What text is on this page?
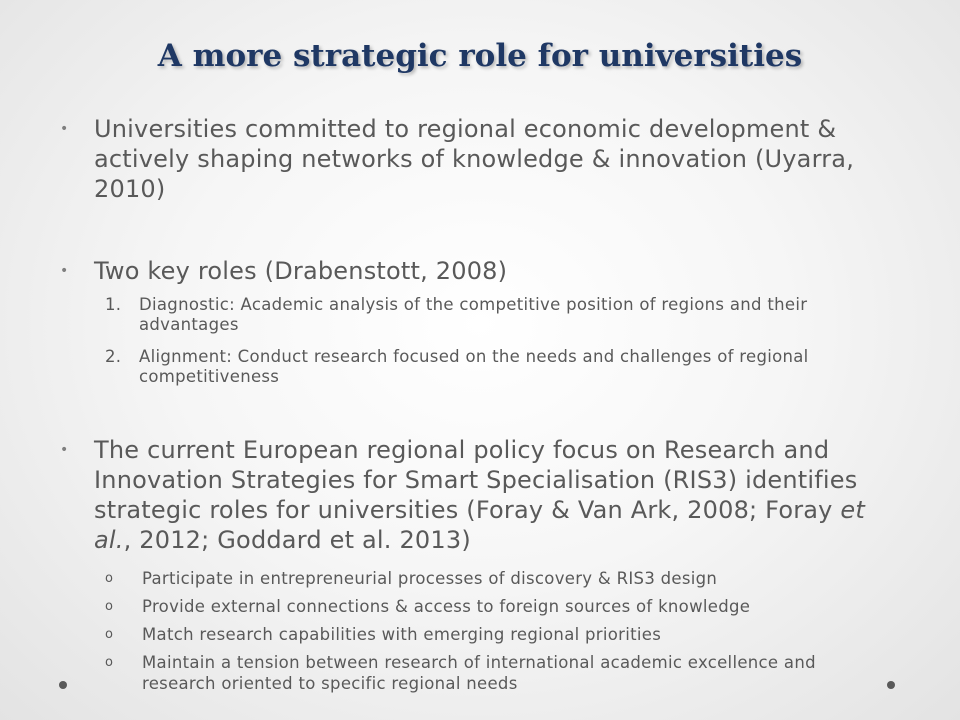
A more strategic role for universities
• Universities committed to regional economic development & actively shaping networks of knowledge & innovation (Uyarra, 2010)
• Two key roles (Drabenstott, 2008)
1. Diagnostic: Academic analysis of the competitive position of regions and their advantages
2. Alignment: Conduct research focused on the needs and challenges of regional competitiveness
• The current European regional policy focus on Research and Innovation Strategies for Smart Specialisation (RIS3) identifies strategic roles for universities (Foray & Van Ark, 2008; Foray et al., 2012; Goddard et al. 2013)
o Participate in entrepreneurial processes of discovery & RIS3 design
o Provide external connections & access to foreign sources of knowledge
o Match research capabilities with emerging regional priorities
o Maintain a tension between research of international academic excellence and research oriented to specific regional needs
